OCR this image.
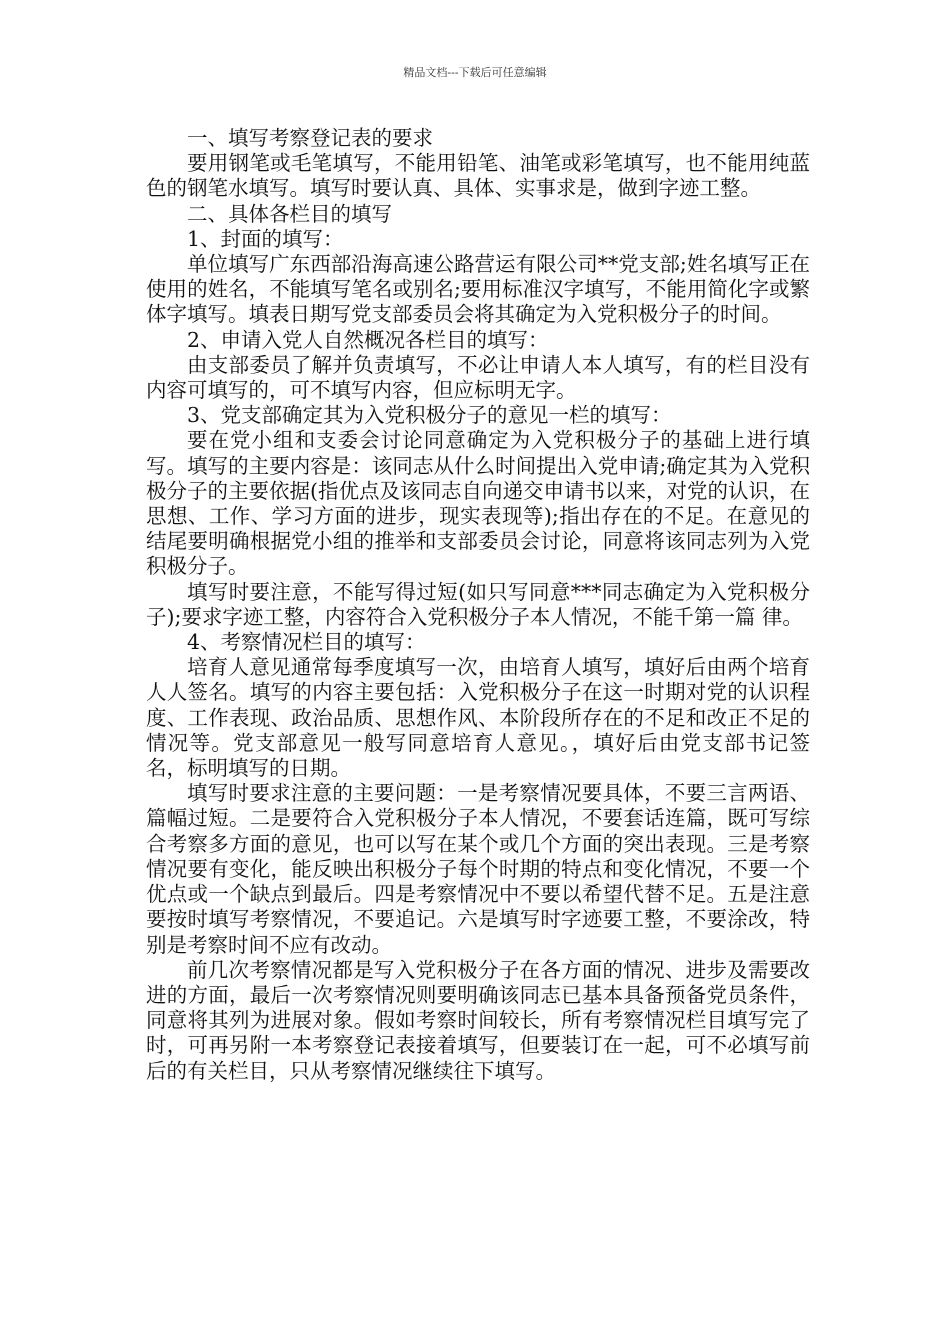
精品文档---下载后可任意编辑

一、填写考察登记表的要求

要用钢笔或毛笔填写，不能用铅笔、油笔或彩笔填写，也不能用纯蓝色的钢笔水填写。填写时要认真、具体、实事求是，做到字迹工整。

二、具体各栏目的填写

1、封面的填写：

单位填写广东西部沿海高速公路营运有限公司**党支部;姓名填写正在使用的姓名，不能填写笔名或别名;要用标准汉字填写，不能用简化字或繁体字填写。填表日期写党支部委员会将其确定为入党积极分子的时间。

2、申请入党人自然概况各栏目的填写：

由支部委员了解并负责填写，不必让申请人本人填写，有的栏目没有内容可填写的，可不填写内容，但应标明无字。

3、党支部确定其为入党积极分子的意见一栏的填写：

要在党小组和支委会讨论同意确定为入党积极分子的基础上进行填写。填写的主要内容是：该同志从什么时间提出入党申请;确定其为入党积极分子的主要依据(指优点及该同志自向递交申请书以来，对党的认识，在思想、工作、学习方面的进步，现实表现等);指出存在的不足。在意见的结尾要明确根据党小组的推举和支部委员会讨论，同意将该同志列为入党积极分子。

填写时要注意，不能写得过短(如只写同意***同志确定为入党积极分子);要求字迹工整，内容符合入党积极分子本人情况，不能千第一篇 律。

4、考察情况栏目的填写：

培育人意见通常每季度填写一次，由培育人填写，填好后由两个培育人人签名。填写的内容主要包括：入党积极分子在这一时期对党的认识程度、工作表现、政治品质、思想作风、本阶段所存在的不足和改正不足的情况等。党支部意见一般写同意培育人意见。，填好后由党支部书记签名，标明填写的日期。

填写时要求注意的主要问题：一是考察情况要具体，不要三言两语、篇幅过短。二是要符合入党积极分子本人情况，不要套话连篇，既可写综合考察多方面的意见，也可以写在某个或几个方面的突出表现。三是考察情况要有变化，能反映出积极分子每个时期的特点和变化情况，不要一个优点或一个缺点到最后。四是考察情况中不要以希望代替不足。五是注意要按时填写考察情况，不要追记。六是填写时字迹要工整，不要涂改，特别是考察时间不应有改动。

前几次考察情况都是写入党积极分子在各方面的情况、进步及需要改进的方面，最后一次考察情况则要明确该同志已基本具备预备党员条件，同意将其列为进展对象。假如考察时间较长，所有考察情况栏目填写完了时，可再另附一本考察登记表接着填写，但要装订在一起，可不必填写前后的有关栏目，只从考察情况继续往下填写。
